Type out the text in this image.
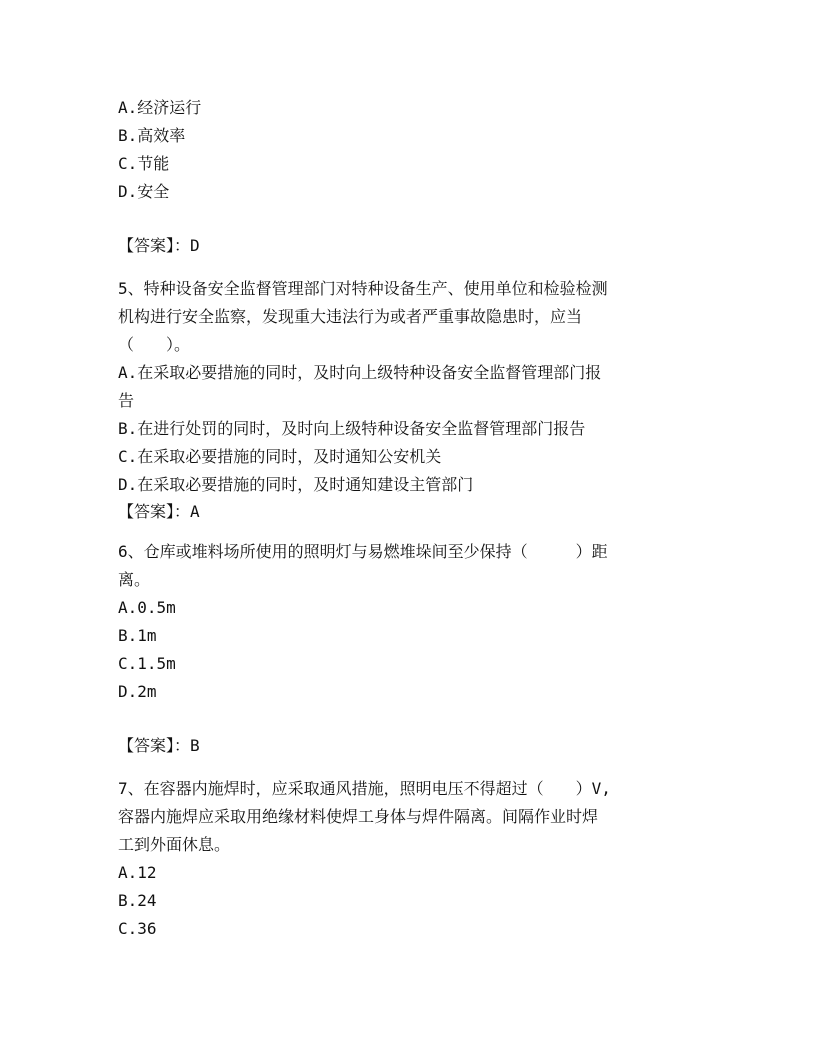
A.经济运行
B.高效率
C.节能
D.安全
【答案】：D
5、特种设备安全监督管理部门对特种设备生产、使用单位和检验检测
机构进行安全监察，发现重大违法行为或者严重事故隐患时，应当
（　　）。
A.在采取必要措施的同时，及时向上级特种设备安全监督管理部门报
告
B.在进行处罚的同时，及时向上级特种设备安全监督管理部门报告
C.在采取必要措施的同时，及时通知公安机关
D.在采取必要措施的同时，及时通知建设主管部门
【答案】：A
6、仓库或堆料场所使用的照明灯与易燃堆垛间至少保持（　　　）距
离。
A.0.5m
B.1m
C.1.5m
D.2m
【答案】：B
7、在容器内施焊时，应采取通风措施，照明电压不得超过（　　）V,
容器内施焊应采取用绝缘材料使焊工身体与焊件隔离。间隔作业时焊
工到外面休息。
A.12
B.24
C.36
